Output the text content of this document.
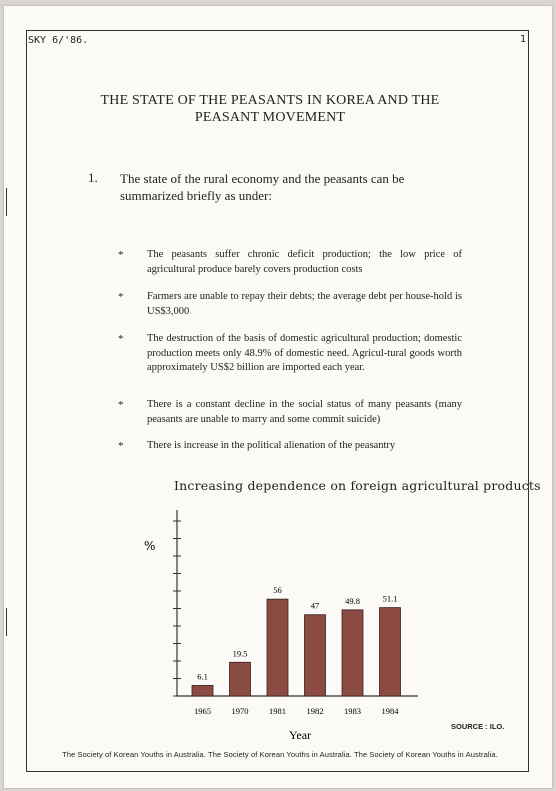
SKY 6/'86.	1
THE STATE OF THE PEASANTS IN KOREA AND THE
PEASANT MOVEMENT
1. The state of the rural economy and the peasants can be summarized briefly as under:
* The peasants suffer chronic deficit production; the low price of agricultural produce barely covers production costs
* Farmers are unable to repay their debts; the average debt per house-hold is US$3,000
* The destruction of the basis of domestic agricultural production; domestic production meets only 48.9% of domestic need. Agricul-tural goods worth approximately US$2 billion are imported each year.
* There is a constant decline in the social status of many peasants (many peasants are unable to marry and some commit suicide)
* There is increase in the political alienation of the peasantry
Increasing dependence on foreign agricultural products
%
6.1
19.5
56
47	49.8	51.1
1965 1970 1981 1982 1983 1984
Year
SOURCE : ILO.
The Society of Korean Youths in Australia. The Society of Korean Youths in Australia. The Society of Korean Youths in Australia.
